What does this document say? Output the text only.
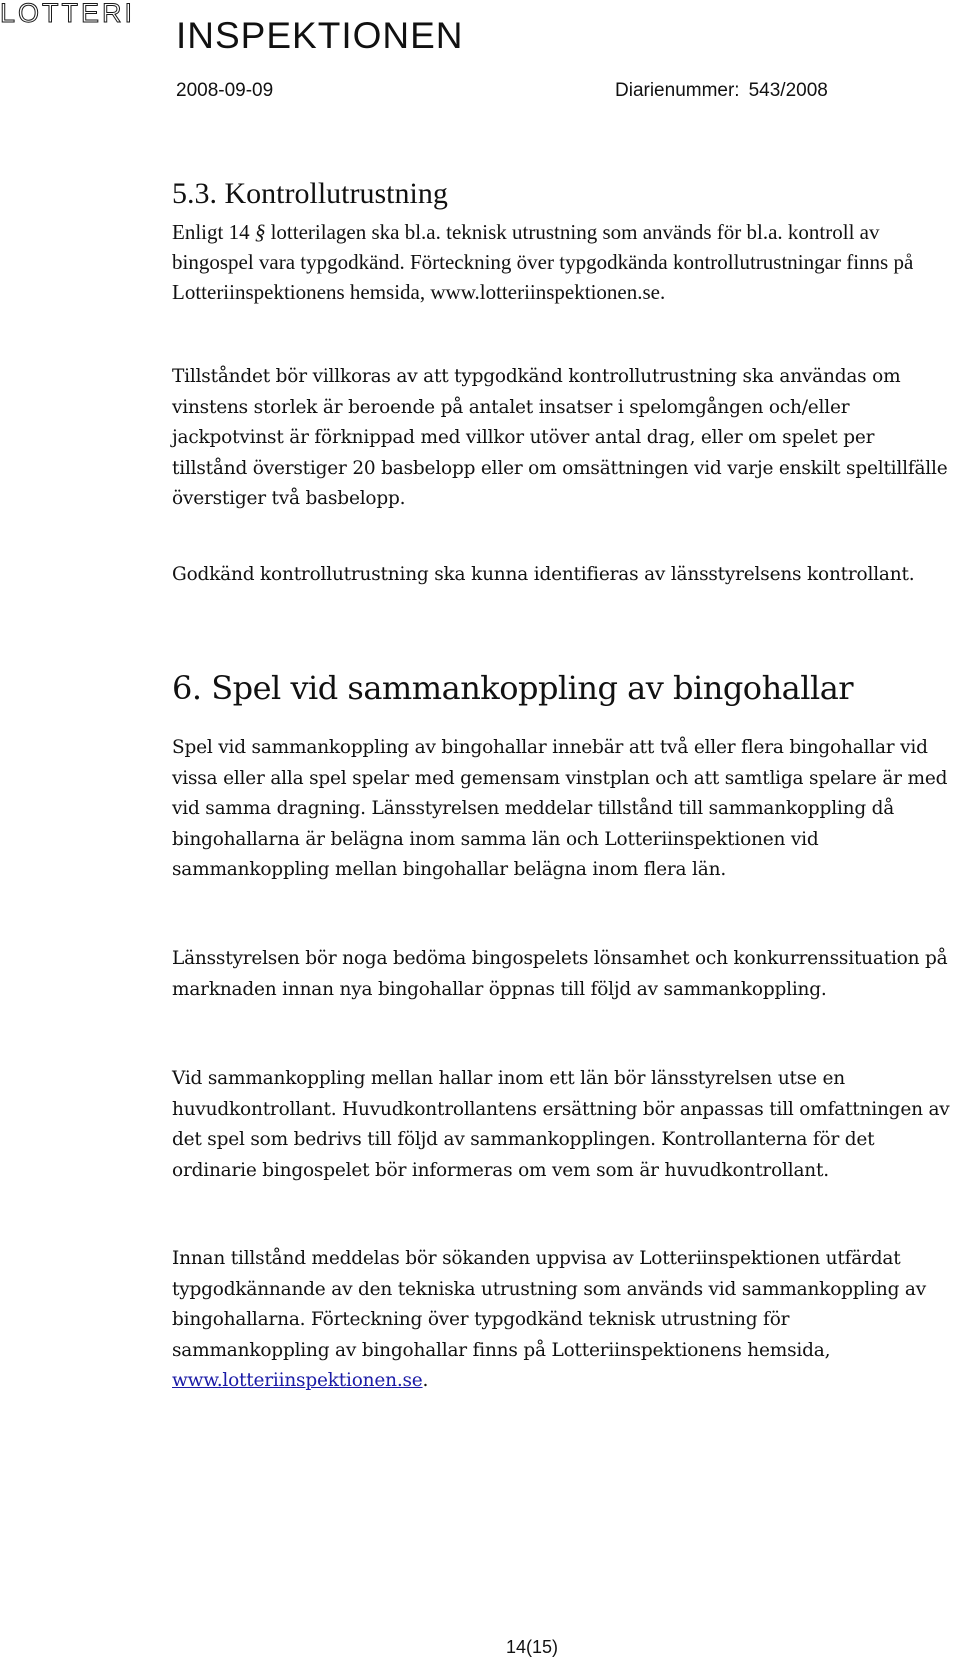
LOTTERI
INSPEKTIONEN
2008-09-09	Diarienummer: 543/2008
5.3. Kontrollutrustning

Enligt 14 § lotterilagen ska bl.a. teknisk utrustning som används för bl.a. kontroll av bingospel vara typgodkänd. Förteckning över typgodkända kontrollutrustningar finns på Lotteriinspektionens hemsida, www.lotteriinspektionen.se.

Tillståndet bör villkoras av att typgodkänd kontrollutrustning ska användas om vinstens storlek är beroende på antalet insatser i spelomgången och/eller jackpotvinst är förknippad med villkor utöver antal drag, eller om spelet per tillstånd överstiger 20 basbelopp eller om omsättningen vid varje enskilt speltillfälle överstiger två basbelopp.

Godkänd kontrollutrustning ska kunna identifieras av länsstyrelsens kontrollant.

6. Spel vid sammankoppling av bingohallar

Spel vid sammankoppling av bingohallar innebär att två eller flera bingohallar vid vissa eller alla spel spelar med gemensam vinstplan och att samtliga spelare är med vid samma dragning. Länsstyrelsen meddelar tillstånd till sammankoppling då bingohallarna är belägna inom samma län och Lotteriinspektionen vid sammankoppling mellan bingohallar belägna inom flera län.

Länsstyrelsen bör noga bedöma bingospelets lönsamhet och konkurrenssituation på marknaden innan nya bingohallar öppnas till följd av sammankoppling.

Vid sammankoppling mellan hallar inom ett län bör länsstyrelsen utse en huvudkontrollant. Huvudkontrollantens ersättning bör anpassas till omfattningen av det spel som bedrivs till följd av sammankopplingen. Kontrollanterna för det ordinarie bingospelet bör informeras om vem som är huvudkontrollant.

Innan tillstånd meddelas bör sökanden uppvisa av Lotteriinspektionen utfärdat typgodkännande av den tekniska utrustning som används vid sammankoppling av bingohallarna. Förteckning över typgodkänd teknisk utrustning för sammankoppling av bingohallar finns på Lotteriinspektionens hemsida, www.lotteriinspektionen.se.

14(15)
